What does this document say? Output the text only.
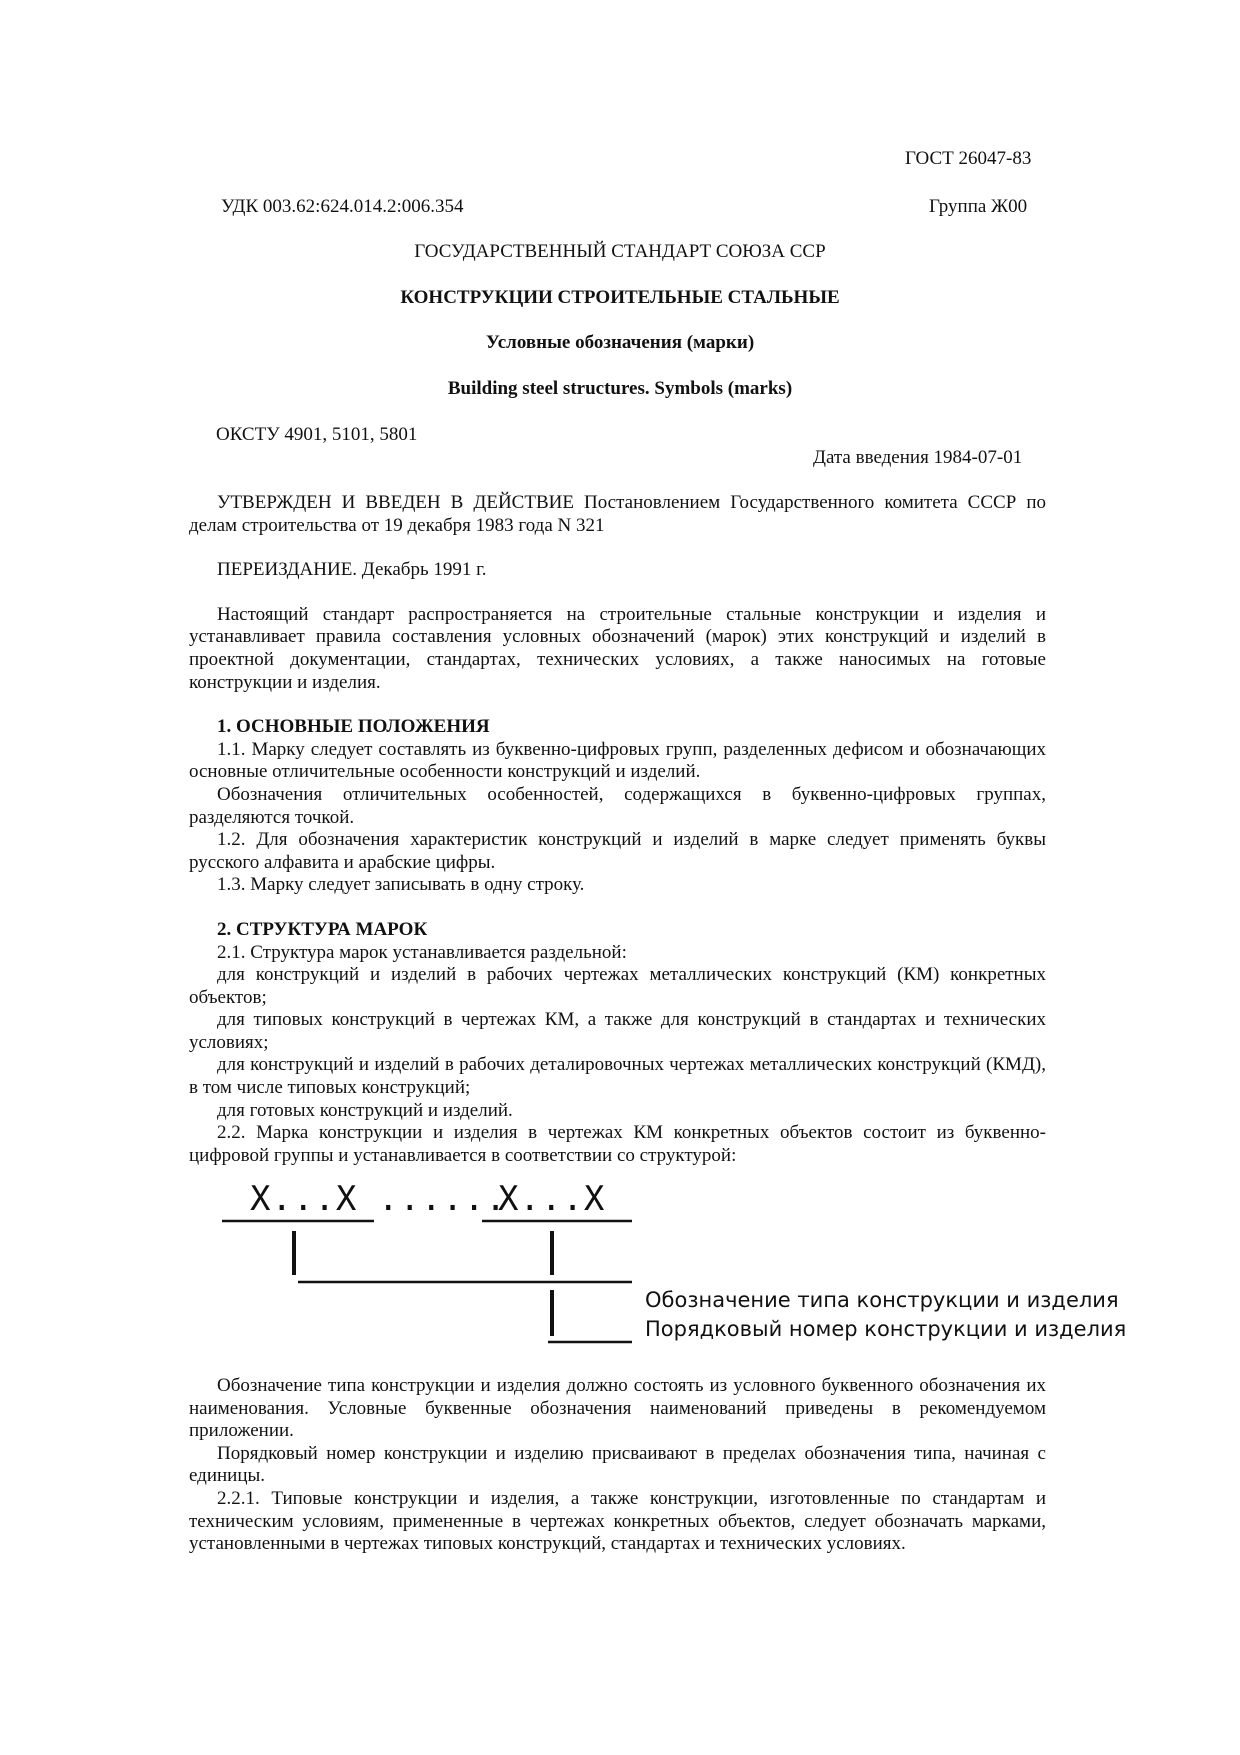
ГОСТ 26047-83
УДК 003.62:624.014.2:006.354	Группа Ж00
ГОСУДАРСТВЕННЫЙ СТАНДАРТ СОЮЗА ССР
КОНСТРУКЦИИ СТРОИТЕЛЬНЫЕ СТАЛЬНЫЕ
Условные обозначения (марки)
Building steel structures. Symbols (marks)
ОКСТУ 4901, 5101, 5801
Дата введения 1984-07-01

УТВЕРЖДЕН И ВВЕДЕН В ДЕЙСТВИЕ Постановлением Государственного комитета СССР по делам строительства от 19 декабря 1983 года N 321

ПЕРЕИЗДАНИЕ. Декабрь 1991 г.

Настоящий стандарт распространяется на строительные стальные конструкции и изделия и устанавливает правила составления условных обозначений (марок) этих конструкций и изделий в проектной документации, стандартах, технических условиях, а также наносимых на готовые конструкции и изделия.

1. ОСНОВНЫЕ ПОЛОЖЕНИЯ

1.1. Марку следует составлять из буквенно-цифровых групп, разделенных дефисом и обозначающих основные отличительные особенности конструкций и изделий.

Обозначения отличительных особенностей, содержащихся в буквенно-цифровых группах, разделяются точкой.

1.2. Для обозначения характеристик конструкций и изделий в марке следует применять буквы русского алфавита и арабские цифры.

1.3. Марку следует записывать в одну строку.

2. СТРУКТУРА МАРОК

2.1. Структура марок устанавливается раздельной:

для конструкций и изделий в рабочих чертежах металлических конструкций (КМ) конкретных объектов;

для типовых конструкций в чертежах КМ, а также для конструкций в стандартах и технических условиях;

для конструкций и изделий в рабочих деталировочных чертежах металлических конструкций (КМД), в том числе типовых конструкций;

для готовых конструкций и изделий.

2.2. Марка конструкции и изделия в чертежах КМ конкретных объектов состоит из буквенно-цифровой группы и устанавливается в соответствии со структурой:

X...X ......
X...X
Обозначение типа конструкции и изделия
Порядковый номер конструкции и изделия

Обозначение типа конструкции и изделия должно состоять из условного буквенного обозначения их наименования. Условные буквенные обозначения наименований приведены в рекомендуемом приложении.

Порядковый номер конструкции и изделию присваивают в пределах обозначения типа, начиная с единицы.

2.2.1. Типовые конструкции и изделия, а также конструкции, изготовленные по стандартам и техническим условиям, примененные в чертежах конкретных объектов, следует обозначать марками, установленными в чертежах типовых конструкций, стандартах и технических условиях.
